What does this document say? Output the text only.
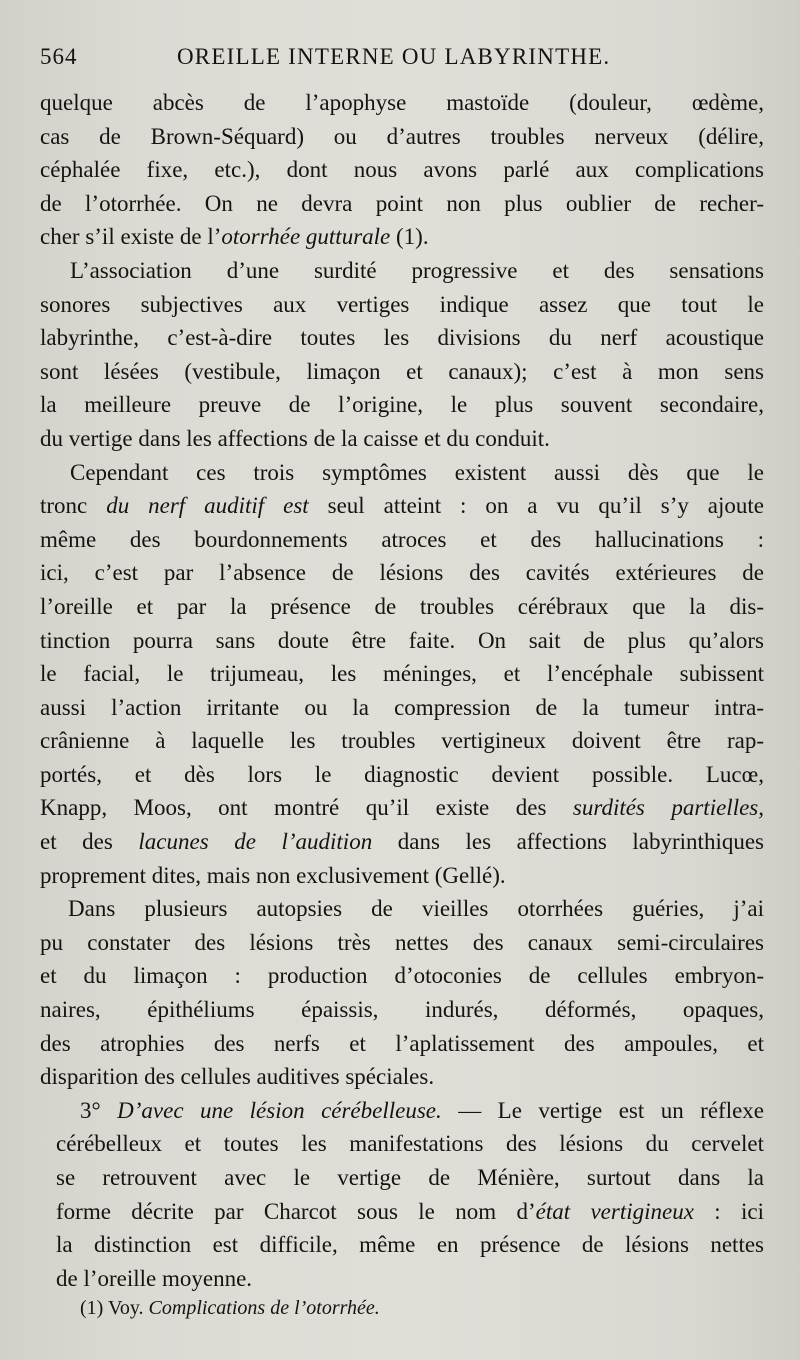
564	OREILLE INTERNE OU LABYRINTHE.
quelque abcès de l’apophyse mastoïde (douleur, œdème,
cas de Brown-Séquard) ou d’autres troubles nerveux (délire,
céphalée fixe, etc.), dont nous avons parlé aux complications
de l’otorrhée. On ne devra point non plus oublier de recher-
cher s’il existe de l’otorrhée gutturale (1).
L’association d’une surdité progressive et des sensations
sonores subjectives aux vertiges indique assez que tout le
labyrinthe, c’est-à-dire toutes les divisions du nerf acoustique
sont lésées (vestibule, limaçon et canaux); c’est à mon sens
la meilleure preuve de l’origine, le plus souvent secondaire,
du vertige dans les affections de la caisse et du conduit.
Cependant ces trois symptômes existent aussi dès que le
tronc du nerf auditif est seul atteint : on a vu qu’il s’y ajoute
même des bourdonnements atroces et des hallucinations :
ici, c’est par l’absence de lésions des cavités extérieures de
l’oreille et par la présence de troubles cérébraux que la dis-
tinction pourra sans doute être faite. On sait de plus qu’alors
le facial, le trijumeau, les méninges, et l’encéphale subissent
aussi l’action irritante ou la compression de la tumeur intra-
crânienne à laquelle les troubles vertigineux doivent être rap-
portés, et dès lors le diagnostic devient possible. Lucœ,
Knapp, Moos, ont montré qu’il existe des surdités partielles,
et des lacunes de l’audition dans les affections labyrinthiques
proprement dites, mais non exclusivement (Gellé).
Dans plusieurs autopsies de vieilles otorrhées guéries, j’ai
pu constater des lésions très nettes des canaux semi-circulaires
et du limaçon : production d’otoconies de cellules embryon-
naires, épithéliums épaissis, indurés, déformés, opaques,
des atrophies des nerfs et l’aplatissement des ampoules, et
disparition des cellules auditives spéciales.
3° D’avec une lésion cérébelleuse. — Le vertige est un réflexe
cérébelleux et toutes les manifestations des lésions du cervelet
se retrouvent avec le vertige de Ménière, surtout dans la
forme décrite par Charcot sous le nom d’état vertigineux : ici
la distinction est difficile, même en présence de lésions nettes
de l’oreille moyenne.
(1) Voy. Complications de l’otorrhée.
